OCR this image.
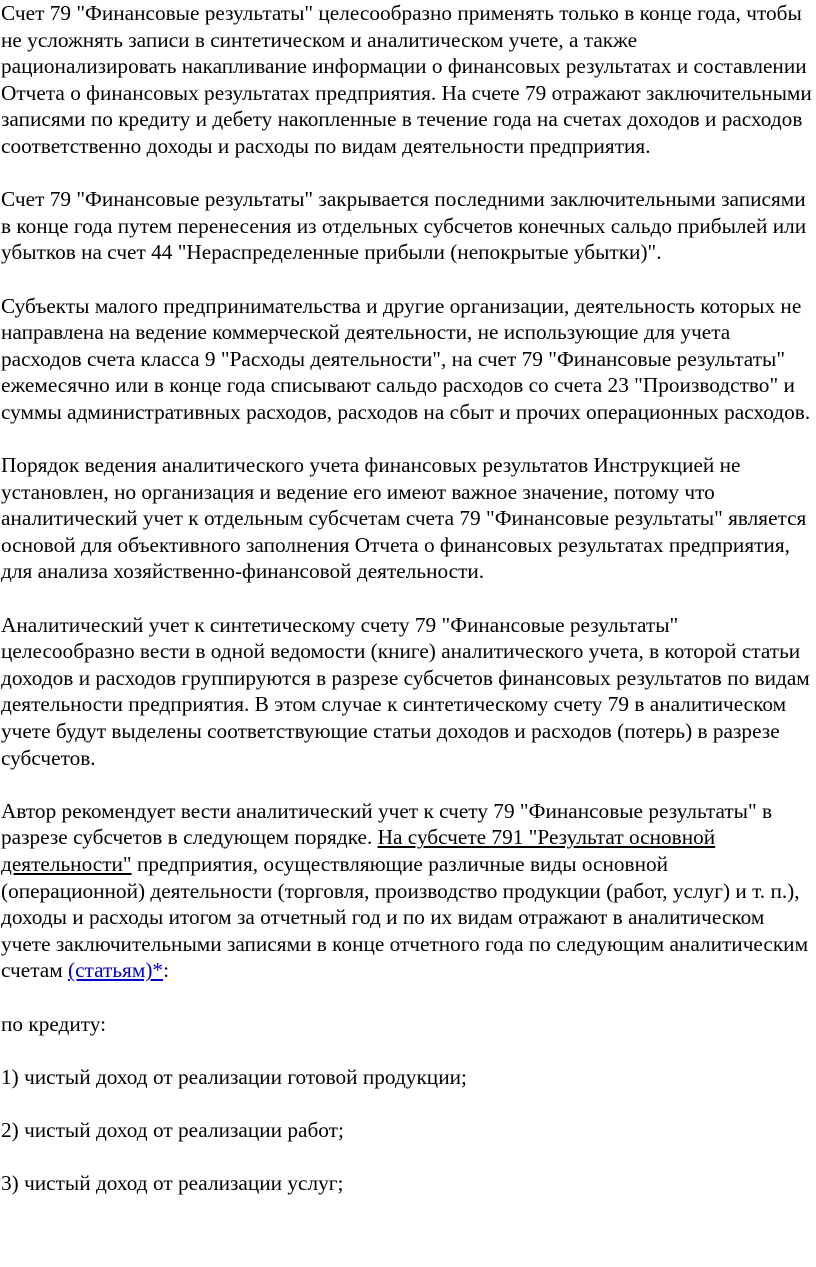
Счет 79 "Финансовые результаты" целесообразно применять только в конце года, чтобы не усложнять записи в синтетическом и аналитическом учете, а также рационализировать накапливание информации о финансовых результатах и составлении Отчета о финансовых результатах предприятия. На счете 79 отражают заключительными записями по кредиту и дебету накопленные в течение года на счетах доходов и расходов соответственно доходы и расходы по видам деятельности предприятия.

Счет 79 "Финансовые результаты" закрывается последними заключительными записями в конце года путем перенесения из отдельных субсчетов конечных сальдо прибылей или убытков на счет 44 "Нераспределенные прибыли (непокрытые убытки)".

Субъекты малого предпринимательства и другие организации, деятельность которых не направлена на ведение коммерческой деятельности, не использующие для учета расходов счета класса 9 "Расходы деятельности", на счет 79 "Финансовые результаты" ежемесячно или в конце года списывают сальдо расходов со счета 23 "Производство" и суммы административных расходов, расходов на сбыт и прочих операционных расходов.

Порядок ведения аналитического учета финансовых результатов Инструкцией не установлен, но организация и ведение его имеют важное значение, потому что аналитический учет к отдельным субсчетам счета 79 "Финансовые результаты" является основой для объективного заполнения Отчета о финансовых результатах предприятия, для анализа хозяйственно-финансовой деятельности.

Аналитический учет к синтетическому счету 79 "Финансовые результаты" целесообразно вести в одной ведомости (книге) аналитического учета, в которой статьи доходов и расходов группируются в разрезе субсчетов финансовых результатов по видам деятельности предприятия. В этом случае к синтетическому счету 79 в аналитическом учете будут выделены соответствующие статьи доходов и расходов (потерь) в разрезе субсчетов.

Автор рекомендует вести аналитический учет к счету 79 "Финансовые результаты" в разрезе субсчетов в следующем порядке. На субсчете 791 "Результат основной деятельности" предприятия, осуществляющие различные виды основной (операционной) деятельности (торговля, производство продукции (работ, услуг) и т. п.), доходы и расходы итогом за отчетный год и по их видам отражают в аналитическом учете заключительными записями в конце отчетного года по следующим аналитическим счетам (статьям)*:

по кредиту:

1) чистый доход от реализации готовой продукции;

2) чистый доход от реализации работ;

3) чистый доход от реализации услуг;
